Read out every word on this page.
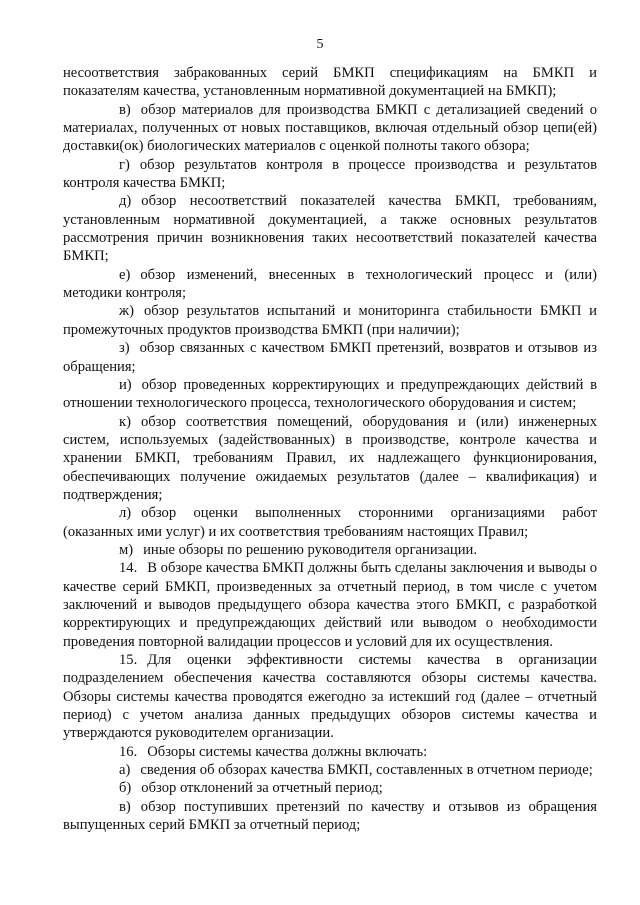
5

несоответствия забракованных серий БМКП спецификациям на БМКП и показателям качества, установленным нормативной документацией на БМКП);

в) обзор материалов для производства БМКП с детализацией сведений о материалах, полученных от новых поставщиков, включая отдельный обзор цепи(ей) доставки(ок) биологических материалов с оценкой полноты такого обзора;

г) обзор результатов контроля в процессе производства и результатов контроля качества БМКП;

д) обзор несоответствий показателей качества БМКП, требованиям, установленным нормативной документацией, а также основных результатов рассмотрения причин возникновения таких несоответствий показателей качества БМКП;

е) обзор изменений, внесенных в технологический процесс и (или) методики контроля;

ж) обзор результатов испытаний и мониторинга стабильности БМКП и промежуточных продуктов производства БМКП (при наличии);

з) обзор связанных с качеством БМКП претензий, возвратов и отзывов из обращения;

и) обзор проведенных корректирующих и предупреждающих действий в отношении технологического процесса, технологического оборудования и систем;

к) обзор соответствия помещений, оборудования и (или) инженерных систем, используемых (задействованных) в производстве, контроле качества и хранении БМКП, требованиям Правил, их надлежащего функционирования, обеспечивающих получение ожидаемых результатов (далее – квалификация) и подтверждения;

л) обзор оценки выполненных сторонними организациями работ (оказанных ими услуг) и их соответствия требованиям настоящих Правил;

м) иные обзоры по решению руководителя организации.

14. В обзоре качества БМКП должны быть сделаны заключения и выводы о качестве серий БМКП, произведенных за отчетный период, в том числе с учетом заключений и выводов предыдущего обзора качества этого БМКП, с разработкой корректирующих и предупреждающих действий или выводом о необходимости проведения повторной валидации процессов и условий для их осуществления.

15. Для оценки эффективности системы качества в организации подразделением обеспечения качества составляются обзоры системы качества. Обзоры системы качества проводятся ежегодно за истекший год (далее – отчетный период) с учетом анализа данных предыдущих обзоров системы качества и утверждаются руководителем организации.

16. Обзоры системы качества должны включать:

а) сведения об обзорах качества БМКП, составленных в отчетном периоде;

б) обзор отклонений за отчетный период;

в) обзор поступивших претензий по качеству и отзывов из обращения выпущенных серий БМКП за отчетный период;
